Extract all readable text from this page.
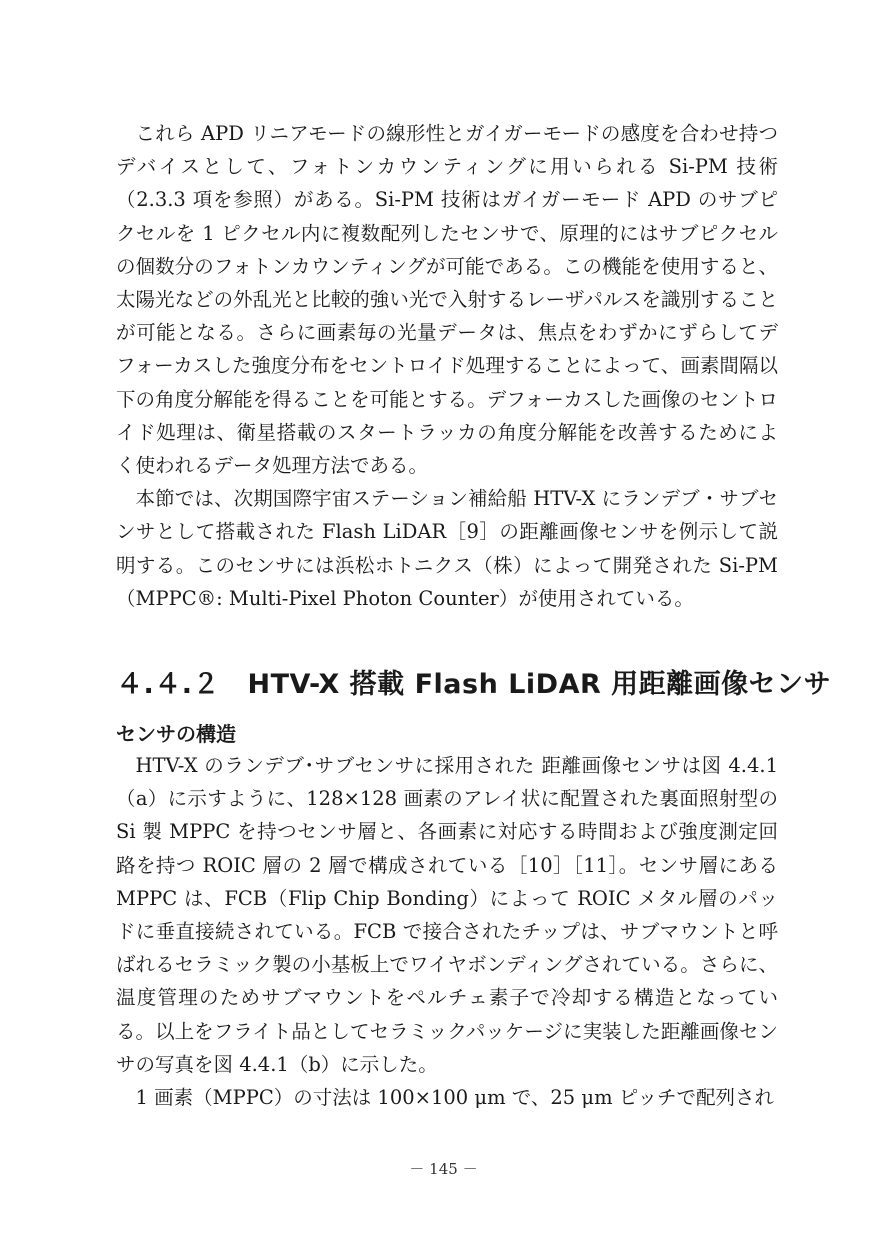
これら APD リニアモードの線形性とガイガーモードの感度を合わせ持つデバイスとして、フォトンカウンティングに用いられる Si-PM 技術（2.3.3 項を参照）がある。Si-PM 技術はガイガーモード APD のサブピクセルを 1 ピクセル内に複数配列したセンサで、原理的にはサブピクセルの個数分のフォトンカウンティングが可能である。この機能を使用すると、太陽光などの外乱光と比較的強い光で入射するレーザパルスを識別することが可能となる。さらに画素毎の光量データは、焦点をわずかにずらしてデフォーカスした強度分布をセントロイド処理することによって、画素間隔以下の角度分解能を得ることを可能とする。デフォーカスした画像のセントロイド処理は、衛星搭載のスタートラッカの角度分解能を改善するためによく使われるデータ処理方法である。

本節では、次期国際宇宙ステーション補給船 HTV-X にランデブ・サブセンサとして搭載された Flash LiDAR［9］の距離画像センサを例示して説明する。このセンサには浜松ホトニクス（株）によって開発された Si-PM（MPPC®: Multi-Pixel Photon Counter）が使用されている。

４.４.２　HTV-X 搭載 Flash LiDAR 用距離画像センサ
センサの構造

HTV-X のランデブ･サブセンサに採用された 距離画像センサは図 4.4.1（a）に示すように、128×128 画素のアレイ状に配置された裏面照射型の Si 製 MPPC を持つセンサ層と、各画素に対応する時間および強度測定回路を持つ ROIC 層の 2 層で構成されている［10］［11］。センサ層にある MPPC は、FCB（Flip Chip Bonding）によって ROIC メタル層のパッドに垂直接続されている。FCB で接合されたチップは、サブマウントと呼ばれるセラミック製の小基板上でワイヤボンディングされている。さらに、温度管理のためサブマウントをペルチェ素子で冷却する構造となっている。以上をフライト品としてセラミックパッケージに実装した距離画像センサの写真を図 4.4.1（b）に示した。

1 画素（MPPC）の寸法は 100×100 μm で、25 μm ピッチで配列され

－ 145 －
